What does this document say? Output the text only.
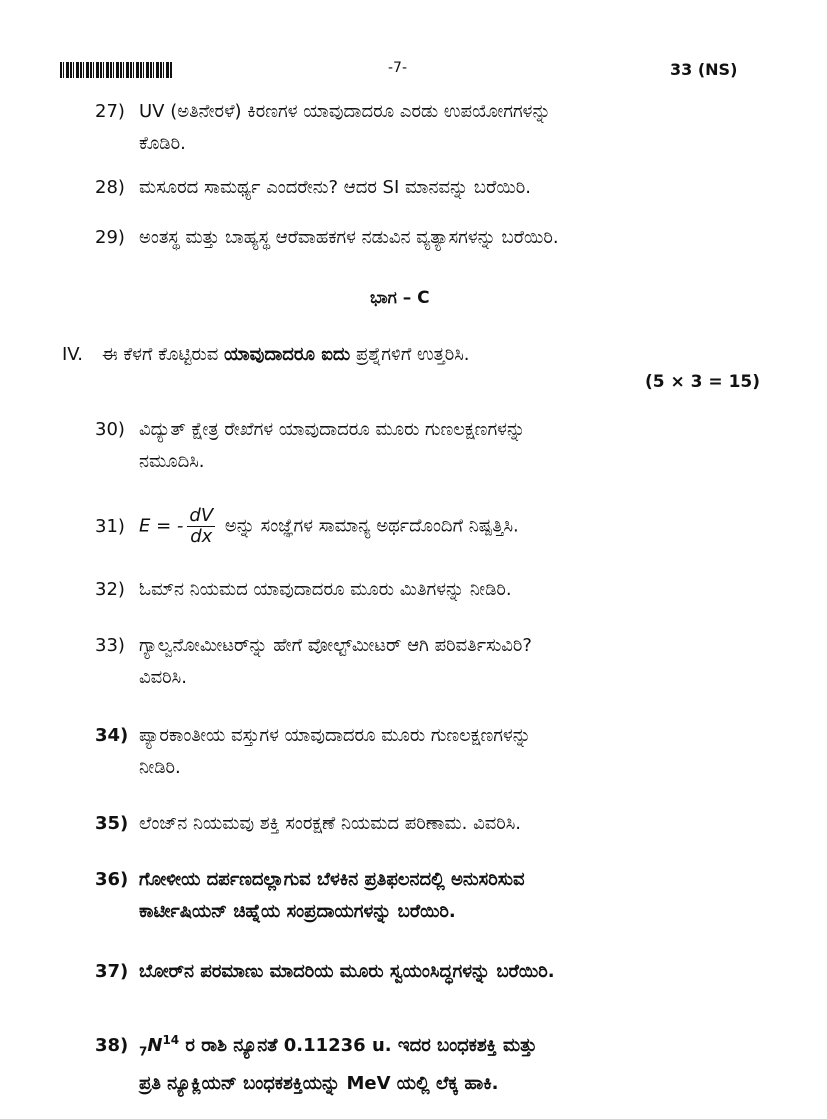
-7-	33 (NS)
27) UV (ಅತಿನೇರಳೆ) ಕಿರಣಗಳ ಯಾವುದಾದರೂ ಎರಡು ಉಪಯೋಗಗಳನ್ನು
ಕೊಡಿರಿ.
28) ಮಸೂರದ ಸಾಮರ್ಥ್ಯ ಎಂದರೇನು? ಆದರ SI ಮಾನವನ್ನು ಬರೆಯಿರಿ.
29) ಅಂತಸ್ಥ ಮತ್ತು ಬಾಹ್ಯಸ್ಥ ಆರೆವಾಹಕಗಳ ನಡುವಿನ ವ್ಯತ್ಯಾಸಗಳನ್ನು ಬರೆಯಿರಿ.
ಭಾಗ – C
IV. ಈ ಕೆಳಗೆ ಕೊಟ್ಟಿರುವ ಯಾವುದಾದರೂ ಐದು ಪ್ರಶ್ನೆಗಳಿಗೆ ಉತ್ತರಿಸಿ.
(5 × 3 = 15)
30) ವಿದ್ಯುತ್ ಕ್ಷೇತ್ರ ರೇಖೆಗಳ ಯಾವುದಾದರೂ ಮೂರು ಗುಣಲಕ್ಷಣಗಳನ್ನು
ನಮೂದಿಸಿ.
31) E = - $\frac{dV}{dx}$ ಅನ್ನು ಸಂಜ್ಞೆಗಳ ಸಾಮಾನ್ಯ ಅರ್ಥದೊಂದಿಗೆ ನಿಷ್ಪತ್ತಿಸಿ.
32) ಓಮ್‌ನ ನಿಯಮದ ಯಾವುದಾದರೂ ಮೂರು ಮಿತಿಗಳನ್ನು ನೀಡಿರಿ.
33) ಗ್ಯಾಲ್ವನೋಮೀಟರ್‌ನ್ನು ಹೇಗೆ ವೋಲ್ಟ್‌ಮೀಟರ್ ಆಗಿ ಪರಿವರ್ತಿಸುವಿರಿ?
ವಿವರಿಸಿ.
34) ಪ್ಯಾರಕಾಂತೀಯ ವಸ್ತುಗಳ ಯಾವುದಾದರೂ ಮೂರು ಗುಣಲಕ್ಷಣಗಳನ್ನು
ನೀಡಿರಿ.
35) ಲೆಂಜ್‌ನ ನಿಯಮವು ಶಕ್ತಿ ಸಂರಕ್ಷಣೆ ನಿಯಮದ ಪರಿಣಾಮ. ವಿವರಿಸಿ.
36) ಗೋಳೀಯ ದರ್ಪಣದಲ್ಲಾಗುವ ಬೆಳಕಿನ ಪ್ರತಿಫಲನದಲ್ಲಿ ಅನುಸರಿಸುವ
ಕಾರ್ಟೀಷಿಯನ್ ಚಿಹ್ನೆಯ ಸಂಪ್ರದಾಯಗಳನ್ನು ಬರೆಯಿರಿ.
37) ಬೋರ್‌ನ ಪರಮಾಣು ಮಾದರಿಯ ಮೂರು ಸ್ವಯಂಸಿದ್ಧಗಳನ್ನು ಬರೆಯಿರಿ.
38) $_7N^{14}$ ರ ರಾಶಿ ನ್ಯೂನತೆ 0.11236 u. ಇದರ ಬಂಧಕಶಕ್ತಿ ಮತ್ತು
ಪ್ರತಿ ನ್ಯೂಕ್ಲಿಯನ್ ಬಂಧಕಶಕ್ತಿಯನ್ನು MeV ಯಲ್ಲಿ ಲೆಕ್ಕ ಹಾಕಿ.
